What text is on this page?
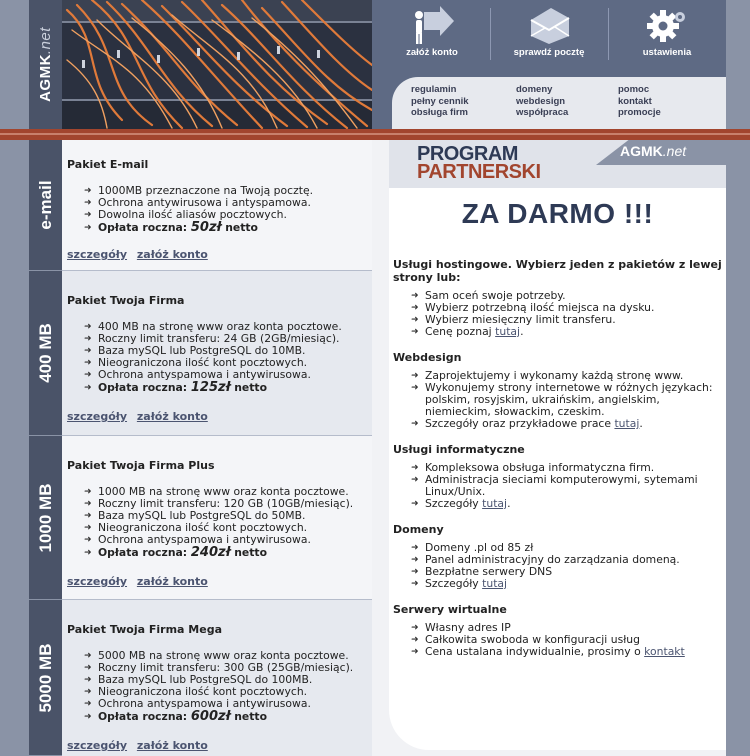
AGMK.net	załóż konto	sprawdź pocztę	ustawienia
regulamin
pełny cennik
obsługa firm
domeny
webdesign
współpraca
pomoc
kontakt
promocje
e-mail
400 MB
1000 MB
5000 MB
Pakiet E-mail
➜ 1000MB przeznaczone na Twoją pocztę.
➜ Ochrona antywirusowa i antyspamowa.
➜ Dowolna ilość aliasów pocztowych.
➜ Opłata roczna: 50zł netto
szczegóły załóż konto
Pakiet Twoja Firma
➜ 400 MB na stronę www oraz konta pocztowe.
➜ Roczny limit transferu: 24 GB (2GB/miesiąc).
➜ Baza mySQL lub PostgreSQL do 10MB.
➜ Nieograniczona ilość kont pocztowych.
➜ Ochrona antyspamowa i antywirusowa.
➜ Opłata roczna: 125zł netto
szczegóły załóż konto
Pakiet Twoja Firma Plus
➜ 1000 MB na stronę www oraz konta pocztowe.
➜ Roczny limit transferu: 120 GB (10GB/miesiąc).
➜ Baza mySQL lub PostgreSQL do 50MB.
➜ Nieograniczona ilość kont pocztowych.
➜ Ochrona antyspamowa i antywirusowa.
➜ Opłata roczna: 240zł netto
szczegóły załóż konto
Pakiet Twoja Firma Mega
➜ 5000 MB na stronę www oraz konta pocztowe.
➜ Roczny limit transferu: 300 GB (25GB/miesiąc).
➜ Baza mySQL lub PostgreSQL do 100MB.
➜ Nieograniczona ilość kont pocztowych.
➜ Ochrona antyspamowa i antywirusowa.
➜ Opłata roczna: 600zł netto
szczegóły załóż konto
PROGRAM
PARTNERSKI
AGMK.net
ZA DARMO !!!
Usługi hostingowe. Wybierz jeden z pakietów z lewej strony lub:
➜ Sam oceń swoje potrzeby.
➜ Wybierz potrzebną ilość miejsca na dysku.
➜ Wybierz miesięczny limit transferu.
➜ Cenę poznaj tutaj.
Webdesign
➜ Zaprojektujemy i wykonamy każdą stronę www.
➜ Wykonujemy strony internetowe w różnych językach: polskim, rosyjskim, ukraińskim, angielskim, niemieckim, słowackim, czeskim.
➜ Szczegóły oraz przykładowe prace tutaj.
Usługi informatyczne
➜ Kompleksowa obsługa informatyczna firm.
➜ Administracja sieciami komputerowymi, sytemami Linux/Unix.
➜ Szczegóły tutaj.
Domeny
➜ Domeny .pl od 85 zł
➜ Panel administracyjny do zarządzania domeną.
➜ Bezpłatne serwery DNS
➜ Szczegóły tutaj
Serwery wirtualne
➜ Własny adres IP
➜ Całkowita swoboda w konfiguracji usług
➜ Cena ustalana indywidualnie, prosimy o kontakt
